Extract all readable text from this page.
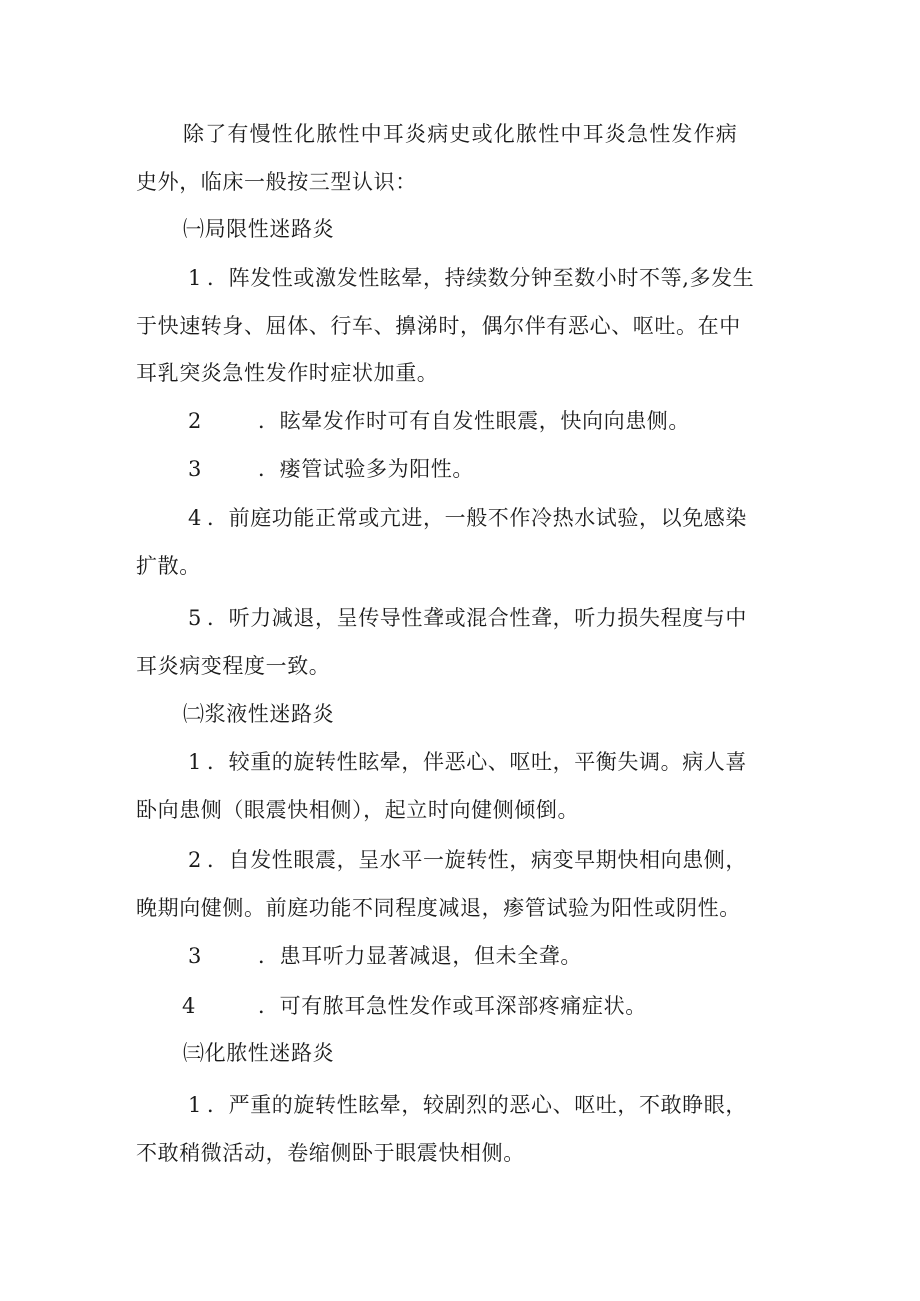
除了有慢性化脓性中耳炎病史或化脓性中耳炎急性发作病
史外，临床一般按三型认识：
㈠局限性迷路炎
1 ．阵发性或激发性眩晕，持续数分钟至数小时不等,多发生
于快速转身、屈体、行车、擤涕时，偶尔伴有恶心、呕吐。在中
耳乳突炎急性发作时症状加重。
2	．眩晕发作时可有自发性眼震，快向向患侧。
3	．瘘管试验多为阳性。
4 ．前庭功能正常或亢进，一般不作冷热水试验，以免感染
扩散。
5 ．听力减退，呈传导性聋或混合性聋，听力损失程度与中
耳炎病变程度一致。
㈡浆液性迷路炎
1 ．较重的旋转性眩晕，伴恶心、呕吐，平衡失调。病人喜
卧向患侧（眼震快相侧），起立时向健侧倾倒。
2 ．自发性眼震，呈水平一旋转性，病变早期快相向患侧，
晚期向健侧。前庭功能不同程度减退，瘆管试验为阳性或阴性。
3	．患耳听力显著减退，但未全聋。
4	．可有脓耳急性发作或耳深部疼痛症状。
㈢化脓性迷路炎
1 ．严重的旋转性眩晕，较剧烈的恶心、呕吐，不敢睁眼，
不敢稍微活动，卷缩侧卧于眼震快相侧。
